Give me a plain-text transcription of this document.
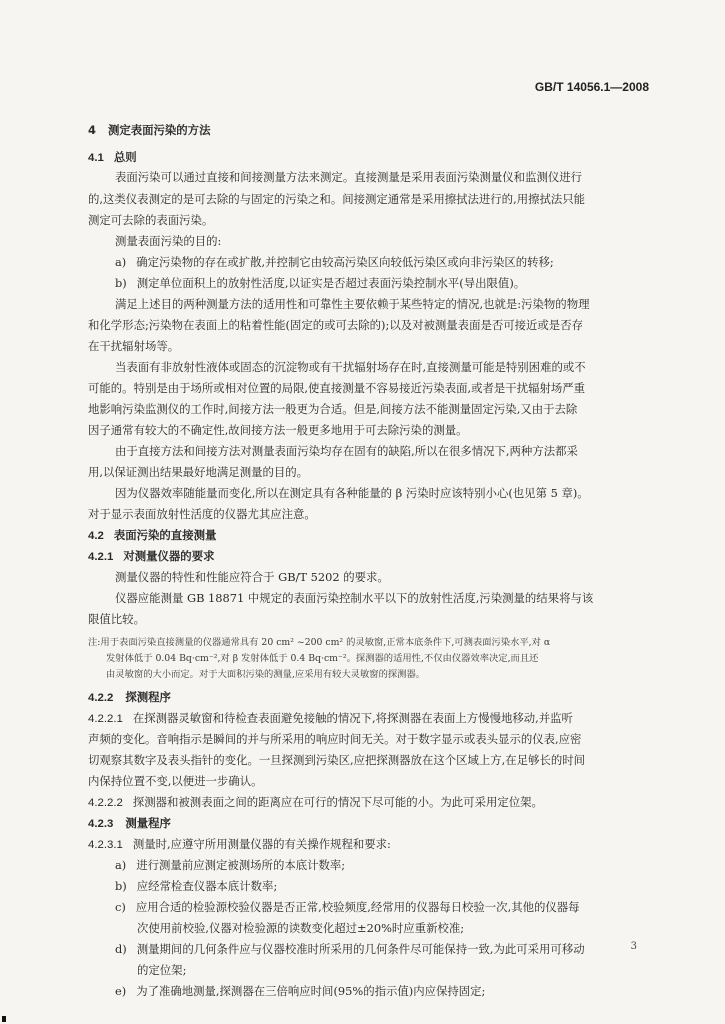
GB/T 14056.1—2008
4 测定表面污染的方法
4.1 总则
表面污染可以通过直接和间接测量方法来测定。直接测量是采用表面污染测量仪和监测仪进行
的,这类仪表测定的是可去除的与固定的污染之和。间接测定通常是采用擦拭法进行的,用擦拭法只能
测定可去除的表面污染。
测量表面污染的目的:
a) 确定污染物的存在或扩散,并控制它由较高污染区向较低污染区或向非污染区的转移;
b) 测定单位面积上的放射性活度,以证实是否超过表面污染控制水平(导出限值)。
满足上述目的两种测量方法的适用性和可靠性主要依赖于某些特定的情况,也就是:污染物的物理
和化学形态;污染物在表面上的粘着性能(固定的或可去除的);以及对被测量表面是否可接近或是否存
在干扰辐射场等。
当表面有非放射性液体或固态的沉淀物或有干扰辐射场存在时,直接测量可能是特别困难的或不
可能的。特别是由于场所或相对位置的局限,使直接测量不容易接近污染表面,或者是干扰辐射场严重
地影响污染监测仪的工作时,间接方法一般更为合适。但是,间接方法不能测量固定污染,又由于去除
因子通常有较大的不确定性,故间接方法一般更多地用于可去除污染的测量。
由于直接方法和间接方法对测量表面污染均存在固有的缺陷,所以在很多情况下,两种方法都采
用,以保证测出结果最好地满足测量的目的。
因为仪器效率随能量而变化,所以在测定具有各种能量的 β 污染时应该特别小心(也见第 5 章)。
对于显示表面放射性活度的仪器尤其应注意。
4.2 表面污染的直接测量
4.2.1 对测量仪器的要求
测量仪器的特性和性能应符合于 GB/T 5202 的要求。
仪器应能测量 GB 18871 中规定的表面污染控制水平以下的放射性活度,污染测量的结果将与该
限值比较。
注:用于表面污染直接测量的仪器通常具有 20 cm² ~200 cm² 的灵敏窗,正常本底条件下,可测表面污染水平,对 α
发射体低于 0.04 Bq·cm⁻²,对 β 发射体低于 0.4 Bq·cm⁻²。探测器的适用性,不仅由仪器效率决定,而且还
由灵敏窗的大小而定。对于大面积污染的测量,应采用有较大灵敏窗的探测器。
4.2.2 探测程序
4.2.2.1 在探测器灵敏窗和待检查表面避免接触的情况下,将探测器在表面上方慢慢地移动,并监听
声频的变化。音响指示是瞬间的并与所采用的响应时间无关。对于数字显示或表头显示的仪表,应密
切观察其数字及表头指针的变化。一旦探测到污染区,应把探测器放在这个区域上方,在足够长的时间
内保持位置不变,以便进一步确认。
4.2.2.2 探测器和被测表面之间的距离应在可行的情况下尽可能的小。为此可采用定位架。
4.2.3 测量程序
4.2.3.1 测量时,应遵守所用测量仪器的有关操作规程和要求:
a) 进行测量前应测定被测场所的本底计数率;
b) 应经常检查仪器本底计数率;
c) 应用合适的检验源校验仪器是否正常,校验频度,经常用的仪器每日校验一次,其他的仪器每
次使用前校验,仪器对检验源的读数变化超过±20%时应重新校准;
d) 测量期间的几何条件应与仪器校准时所采用的几何条件尽可能保持一致,为此可采用可移动
的定位架;
e) 为了准确地测量,探测器在三倍响应时间(95%的指示值)内应保持固定;
3
